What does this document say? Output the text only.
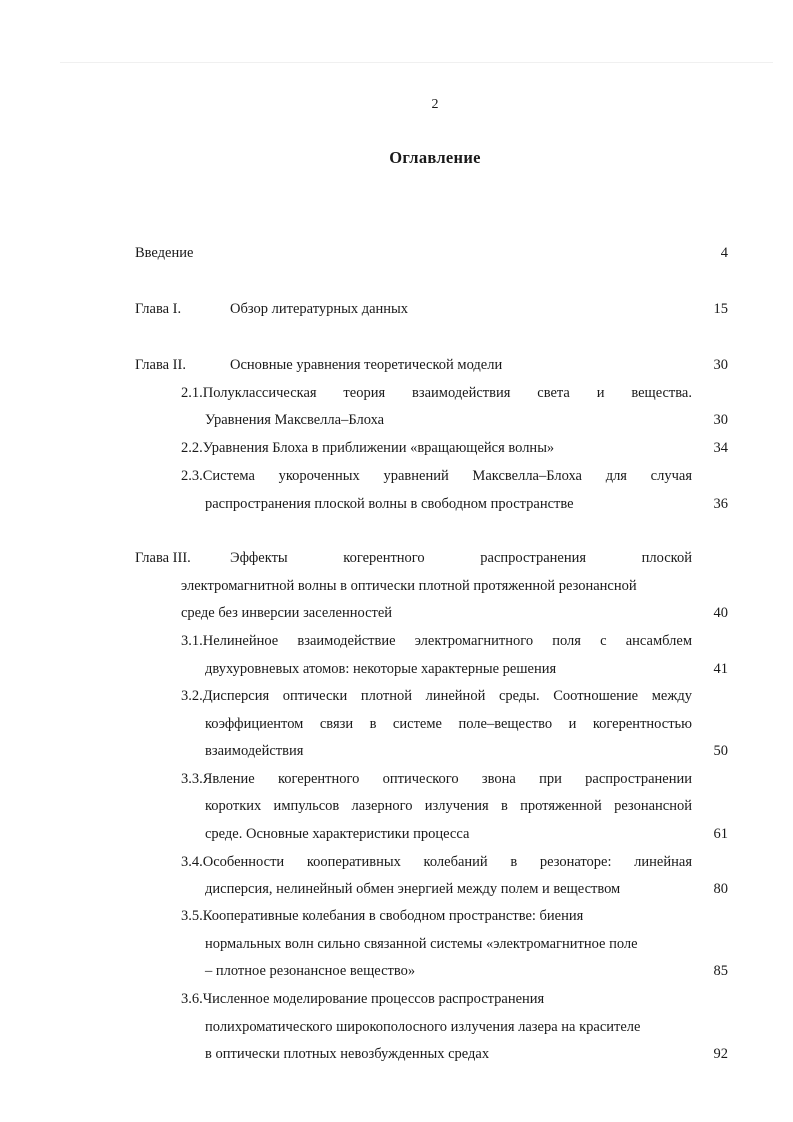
2
Оглавление
Введение	4
Глава I.	Обзор литературных данных	15
Глава II.	Основные уравнения теоретической модели	30
2.1.Полуклассическая теория взаимодействия света и вещества.
Уравнения Максвелла–Блоха	30
2.2.Уравнения Блоха в приближении «вращающейся волны»	34
2.3.Система укороченных уравнений Максвелла–Блоха для случая
распространения плоской волны в свободном пространстве	36
Глава III.	Эффекты когерентного распространения плоской
электромагнитной волны в оптически плотной протяженной резонансной
среде без инверсии заселенностей	40
3.1.Нелинейное взаимодействие электромагнитного поля с ансамблем
двухуровневых атомов: некоторые характерные решения	41
3.2.Дисперсия оптически плотной линейной среды. Соотношение между
коэффициентом связи в системе поле–вещество и когерентностью
взаимодействия	50
3.3.Явление когерентного оптического звона при распространении
коротких импульсов лазерного излучения в протяженной резонансной
среде. Основные характеристики процесса	61
3.4.Особенности кооперативных колебаний в резонаторе: линейная
дисперсия, нелинейный обмен энергией между полем и веществом	80
3.5.Кооперативные колебания в свободном пространстве: биения
нормальных волн сильно связанной системы «электромагнитное поле
– плотное резонансное вещество»	85
3.6.Численное моделирование процессов распространения
полихроматического широкополосного излучения лазера на красителе
в оптически плотных невозбужденных средах	92
